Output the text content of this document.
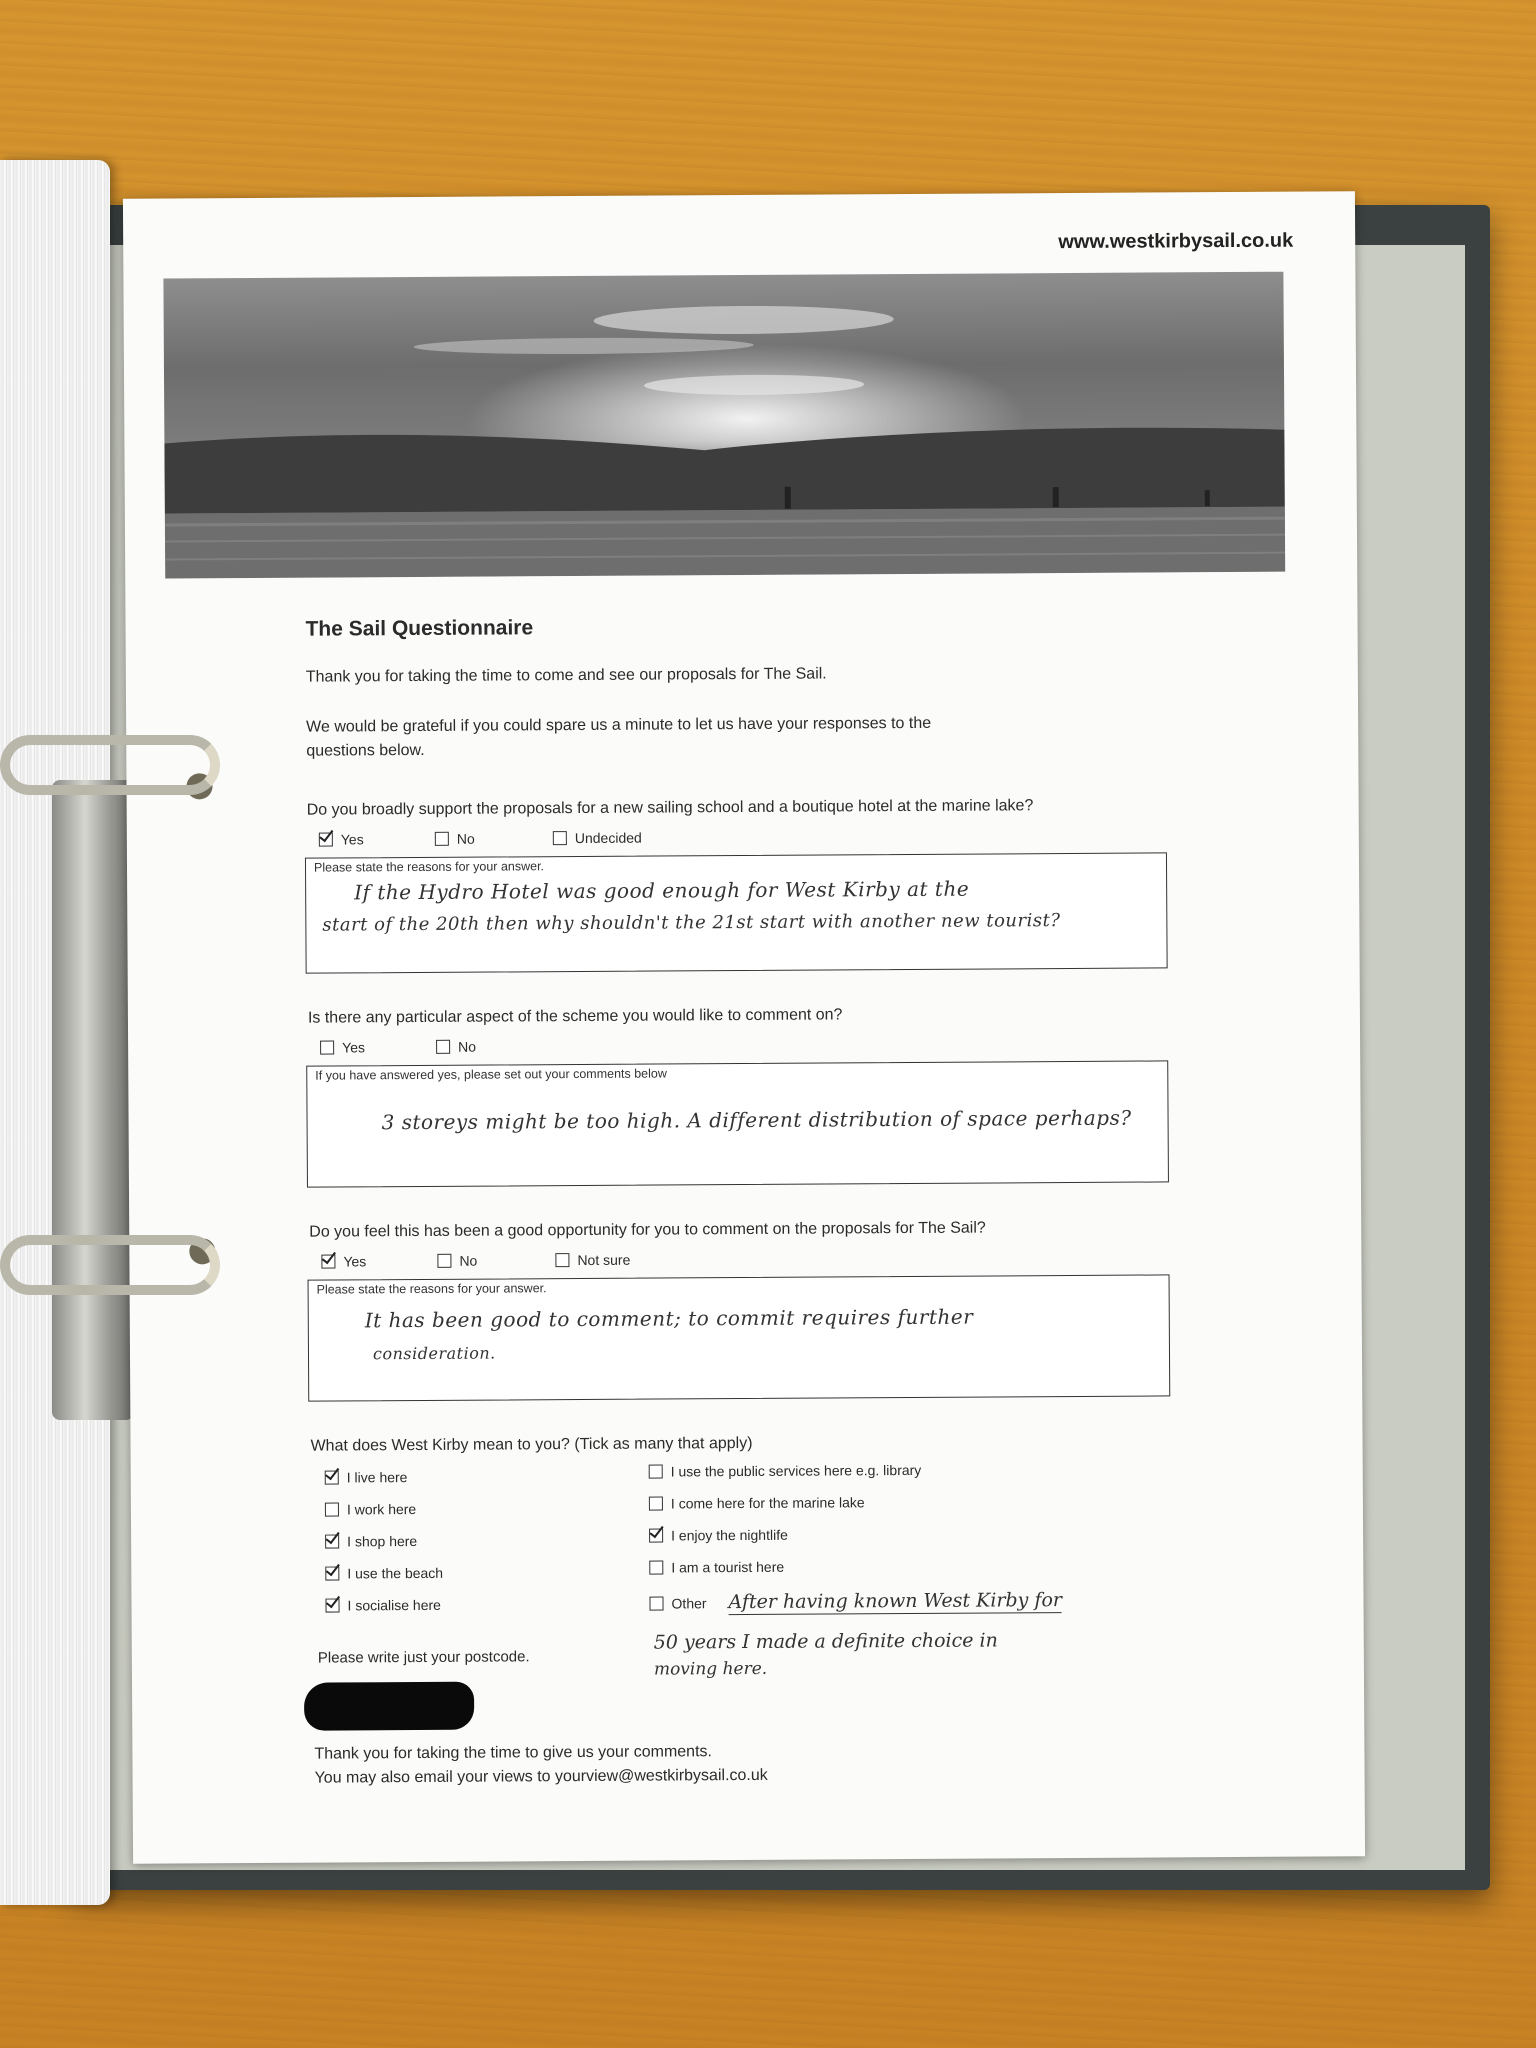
www.westkirbysail.co.uk

The Sail Questionnaire

Thank you for taking the time to come and see our proposals for The Sail.

We would be grateful if you could spare us a minute to let us have your responses to the

questions below.

Do you broadly support the proposals for a new sailing school and a boutique hotel at the marine lake?
Yes	No	Undecided
Please state the reasons for your answer.
If the Hydro Hotel was good enough for West Kirby at the
start of the 20th then why shouldn't the 21st start with another new tourist?
Is there any particular aspect of the scheme you would like to comment on?
Yes	No
If you have answered yes, please set out your comments below
3 storeys might be too high. A different distribution of space perhaps?
Do you feel this has been a good opportunity for you to comment on the proposals for The Sail?
Yes	No	Not sure
Please state the reasons for your answer.
It has been good to comment; to commit requires further
consideration.
What does West Kirby mean to you? (Tick as many that apply)
I live here
I work here
I shop here
I use the beach
I socialise here
I use the public services here e.g. library
I come here for the marine lake
I enjoy the nightlife
I am a tourist here
Other After having known West Kirby for
50 years I made a definite choice in
moving here.
Please write just your postcode.
Thank you for taking the time to give us your comments.
You may also email your views to yourview@westkirbysail.co.uk
